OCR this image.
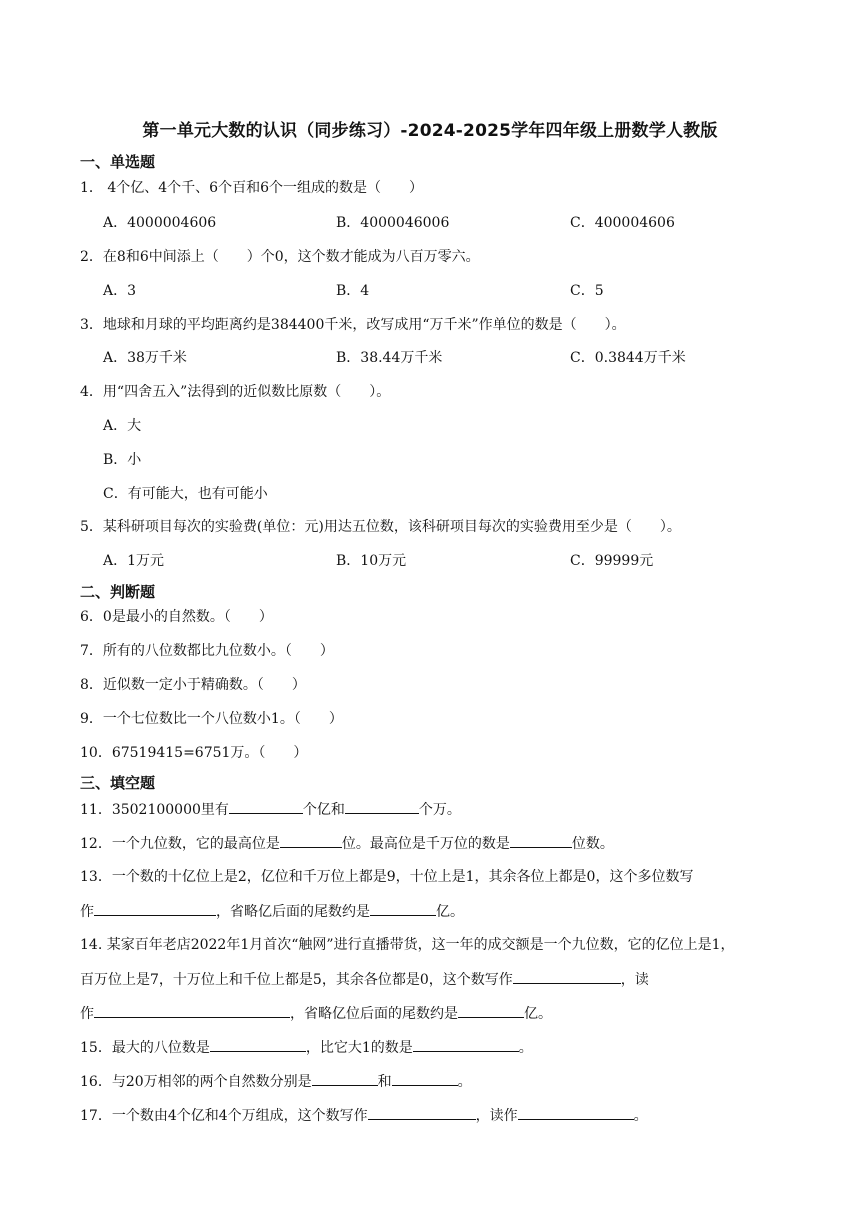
第一单元大数的认识（同步练习）-2024-2025学年四年级上册数学人教版
一、单选题
1． 4个亿、4个千、6个百和6个一组成的数是（　　）
A．4000004606	B．4000046006	C．400004606
2．在8和6中间添上（　　）个0，这个数才能成为八百万零六。
A．3	B．4	C．5
3．地球和月球的平均距离约是384400千米，改写成用“万千米”作单位的数是（　　）。
A．38万千米	B．38.44万千米	C．0.3844万千米
4．用“四舍五入”法得到的近似数比原数（　　）。
A．大
B．小
C．有可能大，也有可能小
5．某科研项目每次的实验费(单位：元)用达五位数，该科研项目每次的实验费用至少是（　　）。
A．1万元	B．10万元	C．99999元
二、判断题
6．0是最小的自然数。（　　）
7．所有的八位数都比九位数小。（　　）
8．近似数一定小于精确数。（　　）
9．一个七位数比一个八位数小1。（　　）
10．67519415=6751万。（　　）
三、填空题
11．3502100000里有	个亿和	个万。
12．一个九位数，它的最高位是	位。最高位是千万位的数是	位数。
13．一个数的十亿位上是2，亿位和千万位上都是9，十位上是1，其余各位上都是0，这个多位数写
作	，省略亿后面的尾数约是	亿。
14. 某家百年老店2022年1月首次“触网”进行直播带货，这一年的成交额是一个九位数，它的亿位上是1，
百万位上是7，十万位上和千位上都是5，其余各位都是0，这个数写作	，读
作	，省略亿位后面的尾数约是	亿。
15．最大的八位数是	，比它大1的数是	。
16．与20万相邻的两个自然数分别是	和	。
17．一个数由4个亿和4个万组成，这个数写作	，读作	。
